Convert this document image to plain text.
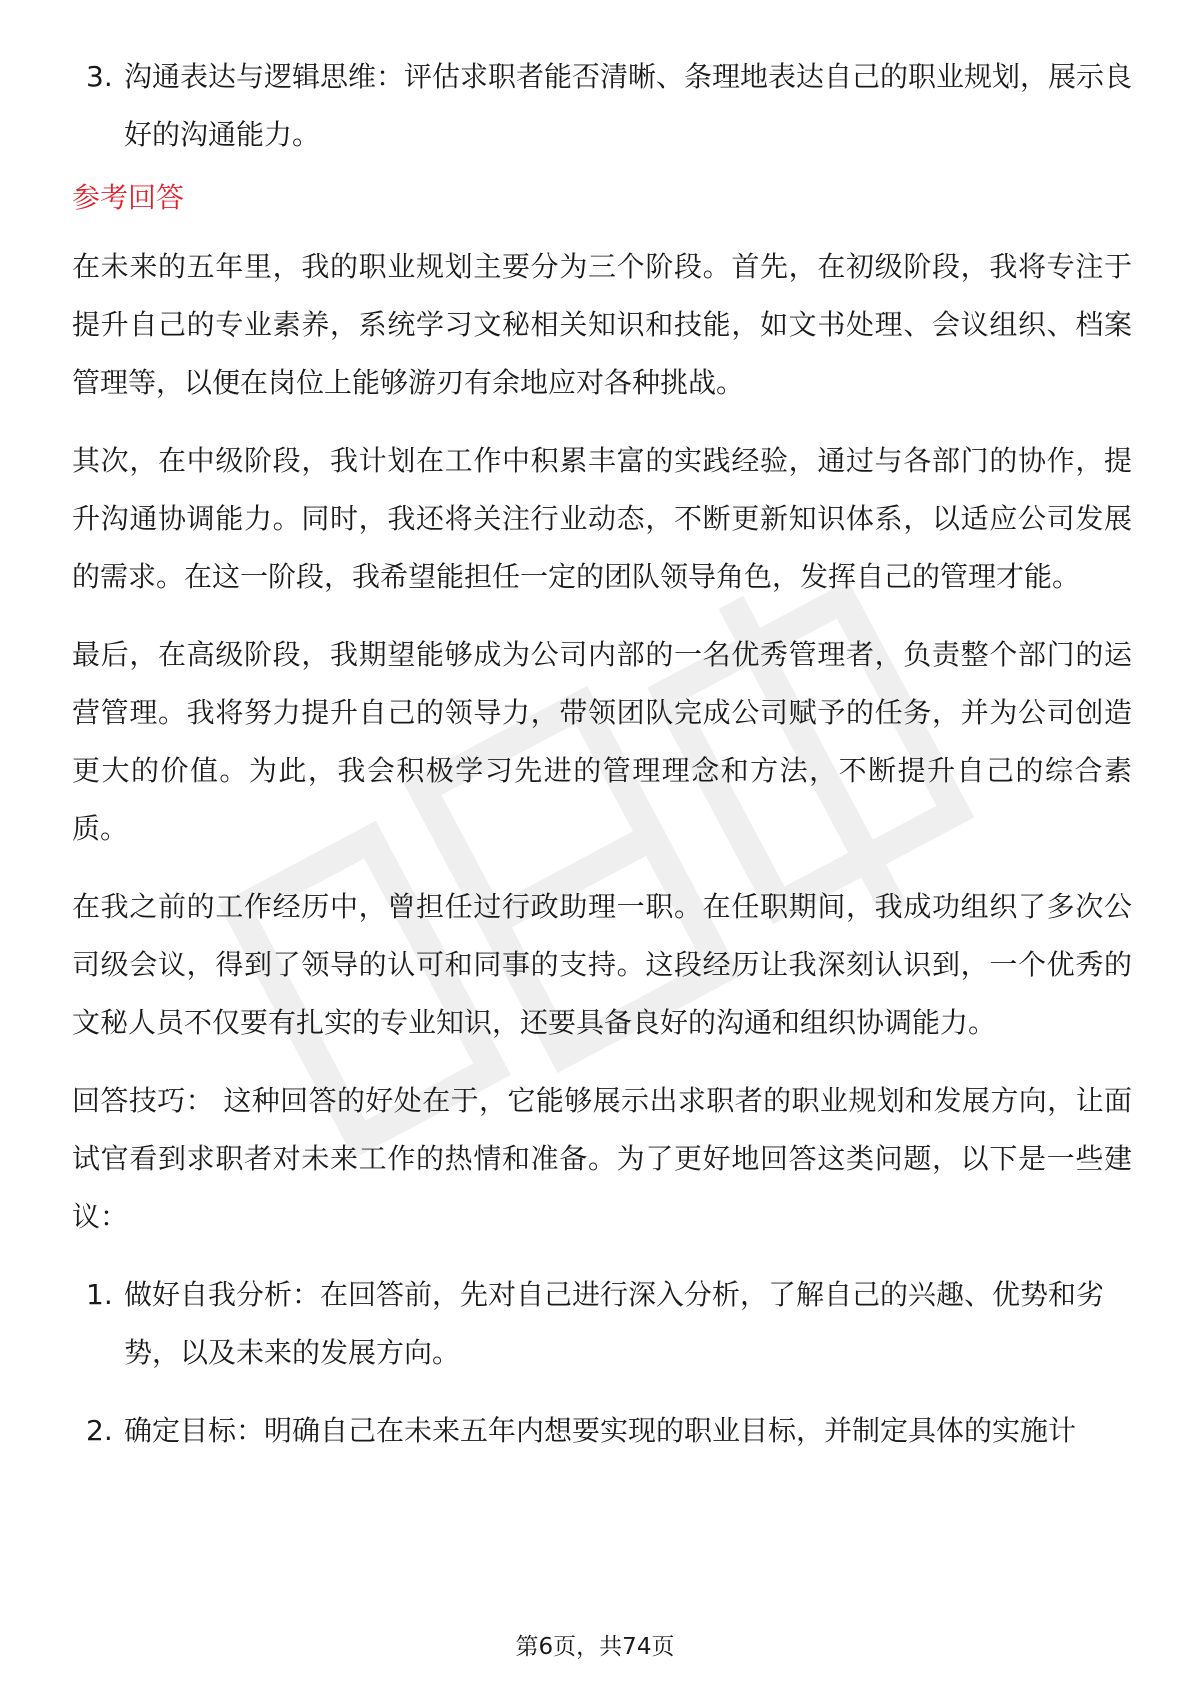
3. 沟通表达与逻辑思维：评估求职者能否清晰、条理地表达自己的职业规划，展示良好的沟通能力。
参考回答
在未来的五年里，我的职业规划主要分为三个阶段。首先，在初级阶段，我将专注于提升自己的专业素养，系统学习文秘相关知识和技能，如文书处理、会议组织、档案管理等，以便在岗位上能够游刃有余地应对各种挑战。
其次，在中级阶段，我计划在工作中积累丰富的实践经验，通过与各部门的协作，提升沟通协调能力。同时，我还将关注行业动态，不断更新知识体系，以适应公司发展的需求。在这一阶段，我希望能担任一定的团队领导角色，发挥自己的管理才能。
最后，在高级阶段，我期望能够成为公司内部的一名优秀管理者，负责整个部门的运营管理。我将努力提升自己的领导力，带领团队完成公司赋予的任务，并为公司创造更大的价值。为此，我会积极学习先进的管理理念和方法，不断提升自己的综合素质。
在我之前的工作经历中，曾担任过行政助理一职。在任职期间，我成功组织了多次公司级会议，得到了领导的认可和同事的支持。这段经历让我深刻认识到，一个优秀的文秘人员不仅要有扎实的专业知识，还要具备良好的沟通和组织协调能力。
回答技巧： 这种回答的好处在于，它能够展示出求职者的职业规划和发展方向，让面试官看到求职者对未来工作的热情和准备。为了更好地回答这类问题，以下是一些建议：
1. 做好自我分析：在回答前，先对自己进行深入分析，了解自己的兴趣、优势和劣势，以及未来的发展方向。
2. 确定目标：明确自己在未来五年内想要实现的职业目标，并制定具体的实施计
第6页，共74页
